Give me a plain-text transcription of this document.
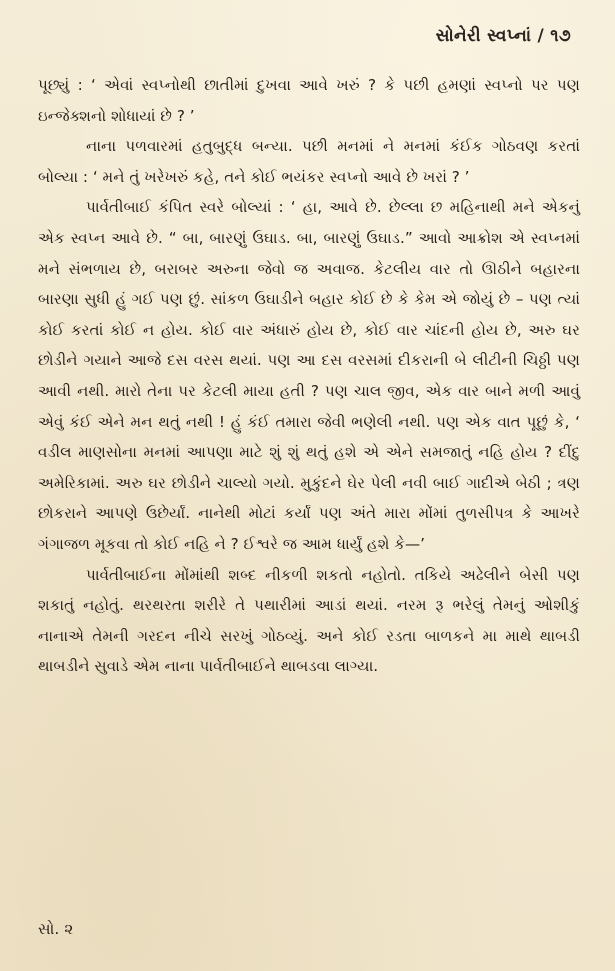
સોનેરી સ્વપ્નાં / ૧૭

પૂછ્યું : ‘ એવાં સ્વપ્નોથી છાતીમાં દુખવા આવે ખરું ? કે પછી હમણાં સ્વપ્નો પર પણ ઇન્જેક્શનો શોધાયાં છે ? ’

નાના પળવારમાં હતુબુદ્ધ બન્યા. પછી મનમાં ને મનમાં કંઈક ગોઠવણ કરતાં બોલ્યા : ‘ મને તું ખરેખરું કહે, તને કોઈ ભયંકર સ્વપ્નો આવે છે ખરાં ? ’

પાર્વતીબાઈ કંપિત સ્વરે બોલ્યાં : ‘ હા, આવે છે. છેલ્લા છ મહિનાથી મને એકનું એક સ્વપ્ન આવે છે. “ બા, બારણું ઉઘાડ. બા, બારણું ઉઘાડ.” આવો આક્રોશ એ સ્વપ્નમાં મને સંભળાય છે, બરાબર અરુના જેવો જ અવાજ. કેટલીય વાર તો ઊઠીને બહારના બારણા સુધી હું ગઈ પણ છું. સાંકળ ઉઘાડીને બહાર કોઈ છે કે કેમ એ જોયું છે – પણ ત્યાં કોઈ કરતાં કોઈ ન હોય. કોઈ વાર અંધારું હોય છે, કોઈ વાર ચાંદની હોય છે, અરુ ઘર છોડીને ગયાને આજે દસ વરસ થયાં. પણ આ દસ વરસમાં દીકરાની બે લીટીની ચિઠ્ઠી પણ આવી નથી. મારો તેના પર કેટલી માયા હતી ? પણ ચાલ જીવ, એક વાર બાને મળી આવું એવું કંઈ એને મન થતું નથી ! હું કંઈ તમારા જેવી ભણેલી નથી. પણ એક વાત પૂછું કે, ‘ વડીલ માણસોના મનમાં આપણા માટે શું શું થતું હશે એ એને સમજાતું નહિ હોય ? દીંદુ અમેરિકામાં. અરુ ઘર છોડીને ચાલ્યો ગયો. મુકુંદને ઘેર પેલી નવી બાઈ ગાદીએ બેઠી ; ત્રણ છોકરાને આપણે ઉછેર્યાં. નાનેથી મોટાં કર્યાં પણ અંતે મારા મોંમાં તુળસીપત્ર કે આખરે ગંગાજળ મૂકવા તો કોઈ નહિ ને ? ઈશ્વરે જ આમ ધાર્યું હશે કે—’

પાર્વતીબાઈના મોંમાંથી શબ્દ નીકળી શકતો નહોતો. તકિયે અઢેલીને બેસી પણ શકાતું નહોતું. થરથરતા શરીરે તે પથારીમાં આડાં થયાં. નરમ રૂ ભરેલું તેમનું ઓશીકું નાનાએ તેમની ગરદન નીચે સરખું ગોઠવ્યું. અને કોઈ રડતા બાળકને મા માથે થાબડી થાબડીને સુવાડે એમ નાના પાર્વતીબાઈને થાબડવા લાગ્યા.

સો. ૨
